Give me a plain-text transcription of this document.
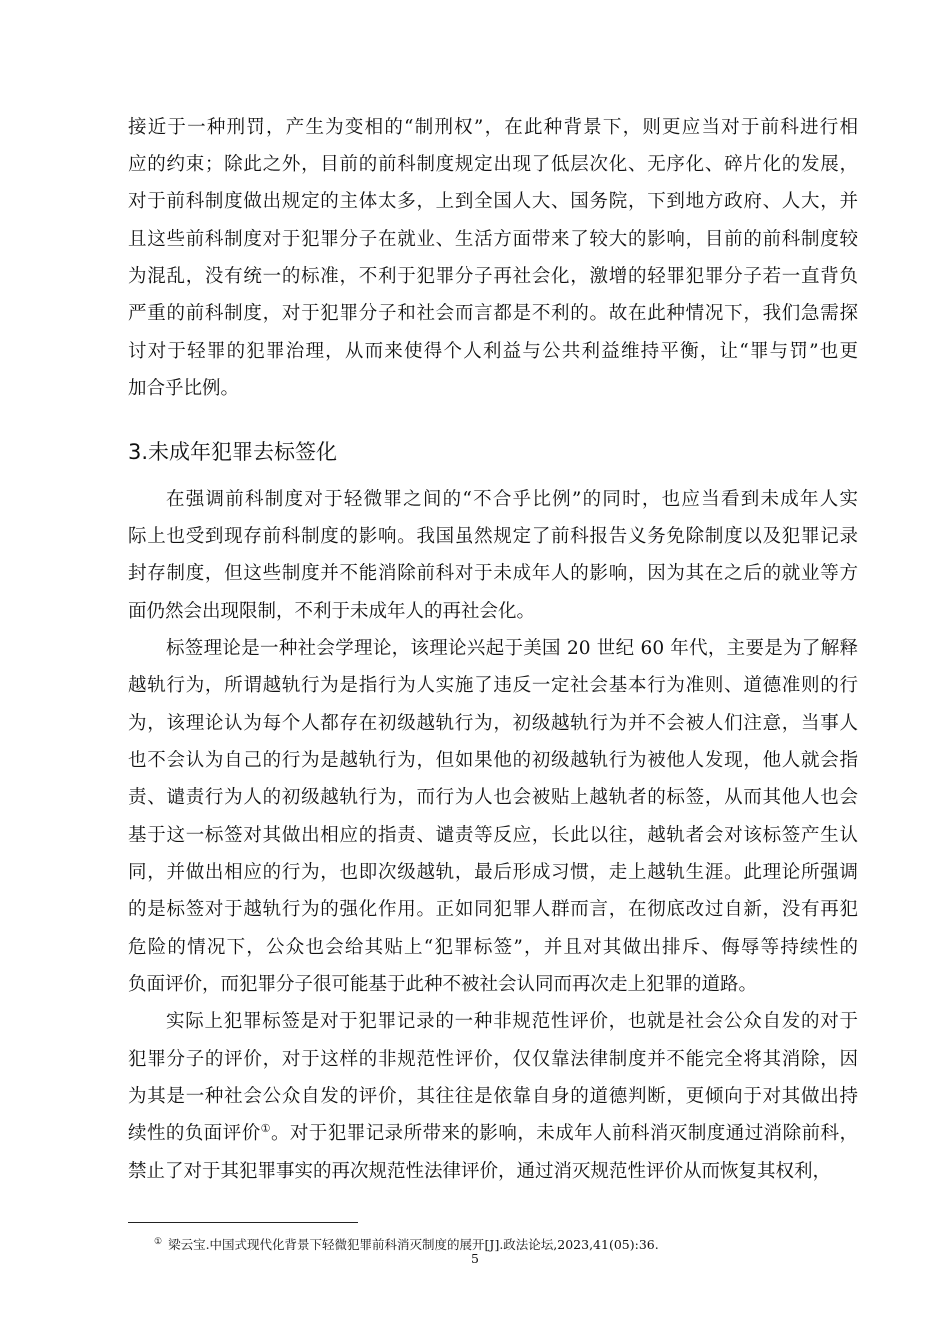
接近于一种刑罚，产生为变相的“制刑权”，在此种背景下，则更应当对于前科进行相
应的约束；除此之外，目前的前科制度规定出现了低层次化、无序化、碎片化的发展，
对于前科制度做出规定的主体太多，上到全国人大、国务院，下到地方政府、人大，并
且这些前科制度对于犯罪分子在就业、生活方面带来了较大的影响，目前的前科制度较
为混乱，没有统一的标准，不利于犯罪分子再社会化，激增的轻罪犯罪分子若一直背负
严重的前科制度，对于犯罪分子和社会而言都是不利的。故在此种情况下，我们急需探
讨对于轻罪的犯罪治理，从而来使得个人利益与公共利益维持平衡，让“罪与罚”也更
加合乎比例。
3.未成年犯罪去标签化
在强调前科制度对于轻微罪之间的“不合乎比例”的同时，也应当看到未成年人实
际上也受到现存前科制度的影响。我国虽然规定了前科报告义务免除制度以及犯罪记录
封存制度，但这些制度并不能消除前科对于未成年人的影响，因为其在之后的就业等方
面仍然会出现限制，不利于未成年人的再社会化。
标签理论是一种社会学理论，该理论兴起于美国 20 世纪 60 年代，主要是为了解释
越轨行为，所谓越轨行为是指行为人实施了违反一定社会基本行为准则、道德准则的行
为，该理论认为每个人都存在初级越轨行为，初级越轨行为并不会被人们注意，当事人
也不会认为自己的行为是越轨行为，但如果他的初级越轨行为被他人发现，他人就会指
责、谴责行为人的初级越轨行为，而行为人也会被贴上越轨者的标签，从而其他人也会
基于这一标签对其做出相应的指责、谴责等反应，长此以往，越轨者会对该标签产生认
同，并做出相应的行为，也即次级越轨，最后形成习惯，走上越轨生涯。此理论所强调
的是标签对于越轨行为的强化作用。正如同犯罪人群而言，在彻底改过自新，没有再犯
危险的情况下，公众也会给其贴上“犯罪标签”，并且对其做出排斥、侮辱等持续性的
负面评价，而犯罪分子很可能基于此种不被社会认同而再次走上犯罪的道路。
实际上犯罪标签是对于犯罪记录的一种非规范性评价，也就是社会公众自发的对于
犯罪分子的评价，对于这样的非规范性评价，仅仅靠法律制度并不能完全将其消除，因
为其是一种社会公众自发的评价，其往往是依靠自身的道德判断，更倾向于对其做出持
续性的负面评价①。对于犯罪记录所带来的影响，未成年人前科消灭制度通过消除前科，
禁止了对于其犯罪事实的再次规范性法律评价，通过消灭规范性评价从而恢复其权利，
① 梁云宝.中国式现代化背景下轻微犯罪前科消灭制度的展开[J].政法论坛,2023,41(05):36.
5
